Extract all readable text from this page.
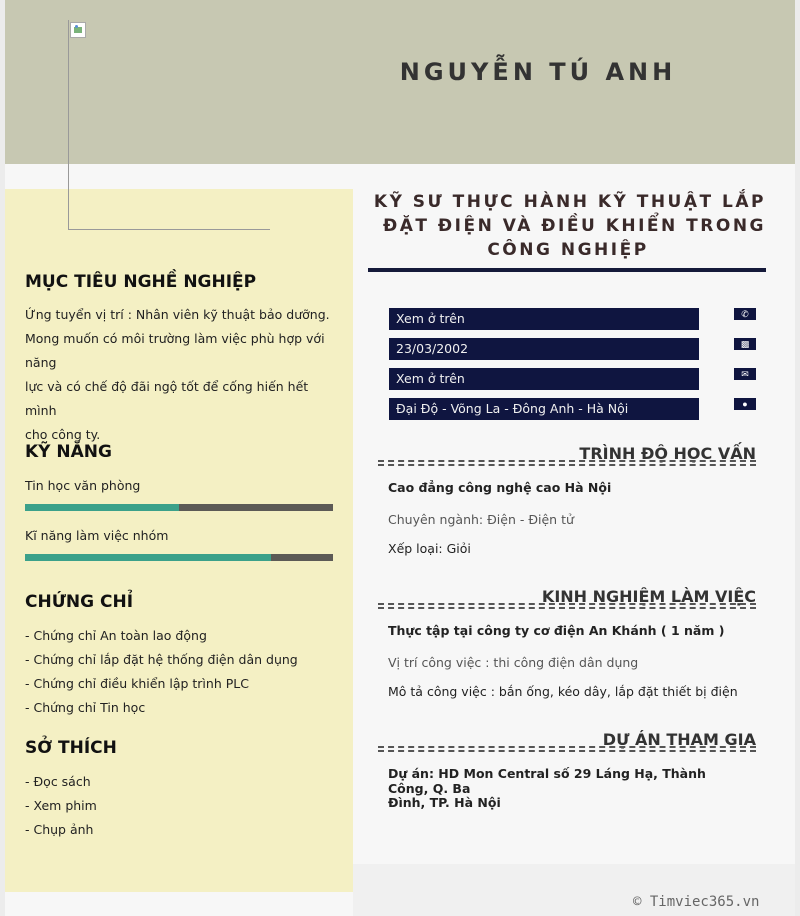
NGUYỄN TÚ ANH
MỤC TIÊU NGHỀ NGHIỆP
Ứng tuyển vị trí : Nhân viên kỹ thuật bảo dưỡng.
Mong muốn có môi trường làm việc phù hợp với năng
lực và có chế độ đãi ngộ tốt để cống hiến hết mình
cho công ty.
KỸ NĂNG
Tin học văn phòng
Kĩ năng làm việc nhóm
CHỨNG CHỈ
- Chứng chỉ An toàn lao động
- Chứng chỉ lắp đặt hệ thống điện dân dụng
- Chứng chỉ điều khiển lập trình PLC
- Chứng chỉ Tin học
SỞ THÍCH
- Đọc sách
- Xem phim
- Chụp ảnh
KỸ SƯ THỰC HÀNH KỸ THUẬT LẮP
ĐẶT ĐIỆN VÀ ĐIỀU KHIỂN TRONG
CÔNG NGHIỆP
Xem ở trên	✆
23/03/2002	▩
Xem ở trên	✉
Đại Độ - Võng La - Đông Anh - Hà Nội	●
TRÌNH ĐỘ HỌC VẤN
Cao đẳng công nghệ cao Hà Nội
Chuyên ngành: Điện - Điện tử
Xếp loại: Giỏi
KINH NGHIỆM LÀM VIỆC
Thực tập tại công ty cơ điện An Khánh ( 1 năm )
Vị trí công việc : thi công điện dân dụng
Mô tả công việc : bắn ống, kéo dây, lắp đặt thiết bị điện
DỰ ÁN THAM GIA
Dự án: HD Mon Central số 29 Láng Hạ, Thành Công, Q. Ba
Đình, TP. Hà Nội
© Timviec365.vn
